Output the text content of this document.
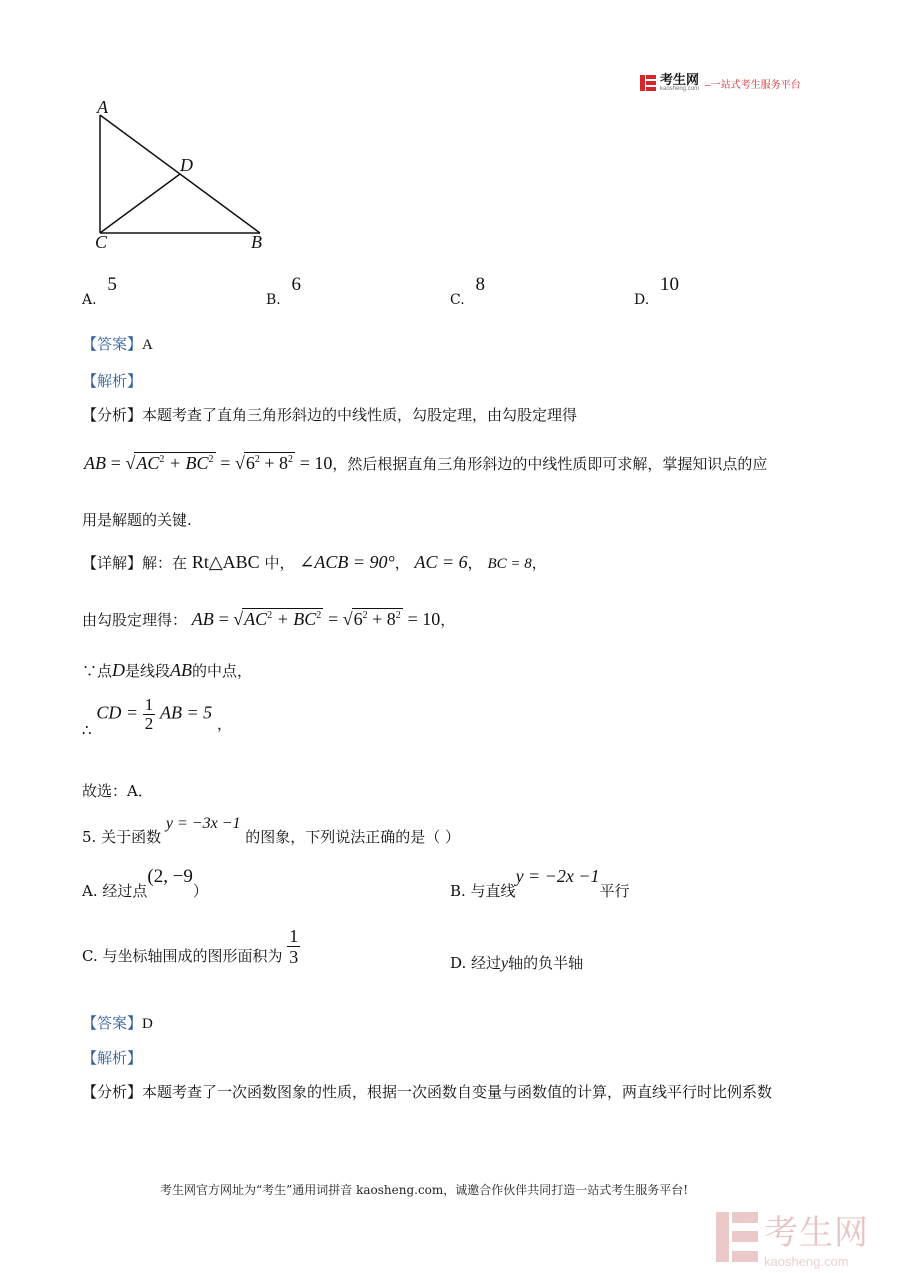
考生网
kaosheng.com –一站式考生服务平台
A
D
C	B
A. 5
B. 6
C. 8
D. 10
【答案】A
【解析】
【分析】本题考查了直角三角形斜边的中线性质，勾股定理，由勾股定理得
AB = $√AC^2 + BC^2 = √6^2 + 8^2 = 10$，然后根据直角三角形斜边的中线性质即可求解，掌握知识点的应
用是解题的关键.
【详解】解：在 Rt△ABC 中， ∠ACB = 90°， AC = 6， BC = 8，
由勾股定理得： AB = $√AC^2 + BC^2 = √6^2 + 8^2 = 10$，
∵点D是线段AB的中点，
∴ CD = $\frac{1}{2}$ AB = 5 ，
故选：A．
5. 关于函数 y = −3x −1 的图象，下列说法正确的是（ ）
A. 经过点(2, −9）	B. 与直线y = −2x −1平行
C. 与坐标轴围成的图形面积为 $\frac{1}{3}$	D. 经过y轴的负半轴
【答案】D
【解析】
【分析】本题考查了一次函数图象的性质，根据一次函数自变量与函数值的计算，两直线平行时比例系数
考生网官方网址为“考生”通用词拼音 kaosheng.com，诚邀合作伙伴共同打造一站式考生服务平台!
考生网
kaosheng.com
